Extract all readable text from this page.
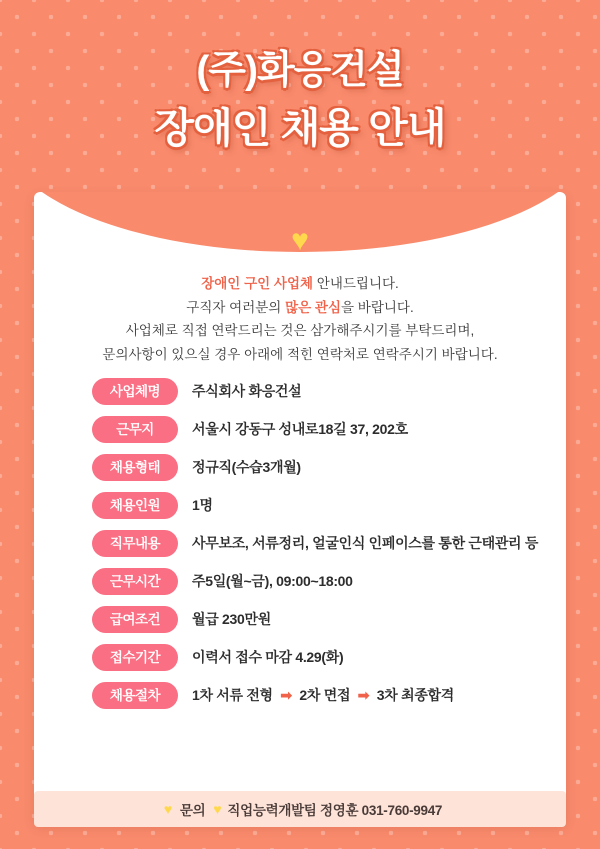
(주)화응건설
장애인 채용 안내
♥
장애인 구인 사업체 안내드립니다.
구직자 여러분의 많은 관심을 바랍니다.
사업체로 직접 연락드리는 것은 삼가해주시기를 부탁드리며,
문의사항이 있으실 경우 아래에 적힌 연락처로 연락주시기 바랍니다.
사업체명	주식회사 화응건설
근무지	서울시 강동구 성내로18길 37, 202호
채용형태	정규직(수습3개월)
채용인원	1명
직무내용	사무보조, 서류정리, 얼굴인식 인페이스를 통한 근태관리 등
근무시간	주5일(월~금), 09:00~18:00
급여조건	월급 230만원
접수기간	이력서 접수 마감 4.29(화)
채용절차	1차 서류 전형 ➡ 2차 면접 ➡ 3차 최종합격
♥ 문의 ♥ 직업능력개발팀 정영훈 031-760-9947
